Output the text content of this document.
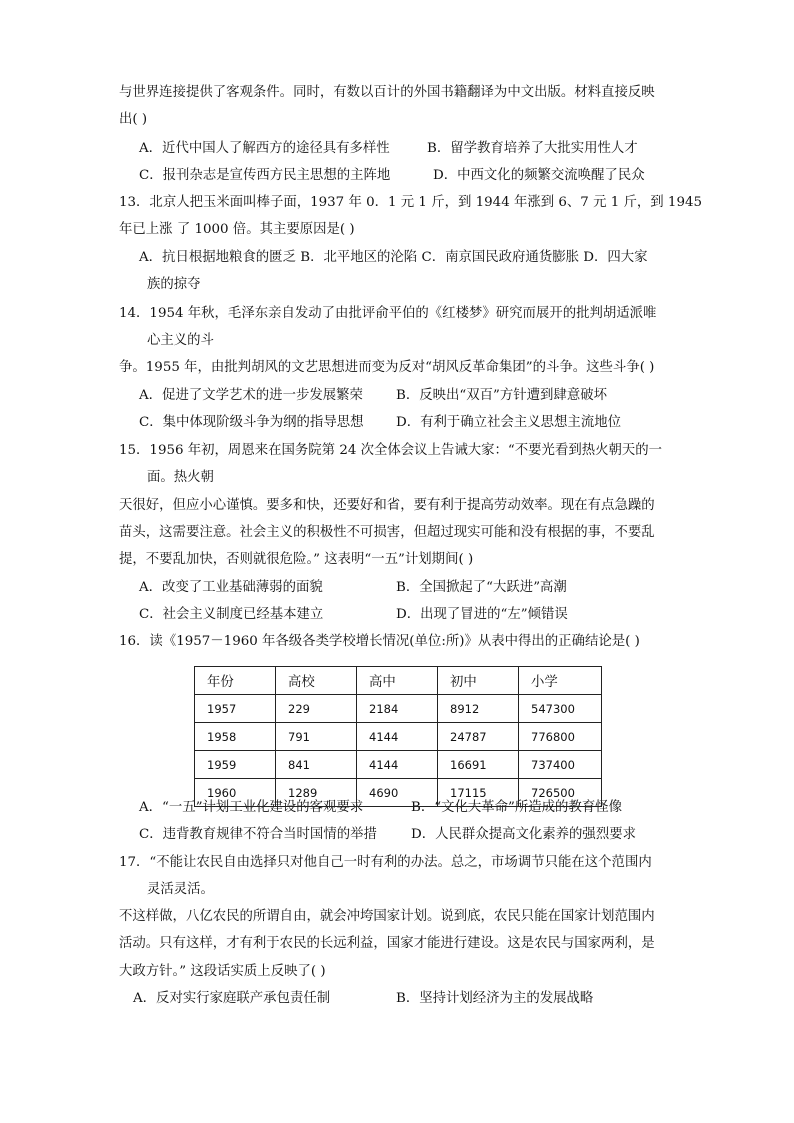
与世界连接提供了客观条件。同时，有数以百计的外国书籍翻译为中文出版。材料直接反映
出( )
A．近代中国人了解西方的途径具有多样性	B．留学教育培养了大批实用性人才
C．报刊杂志是宣传西方民主思想的主阵地	D．中西文化的频繁交流唤醒了民众
13．北京人把玉米面叫棒子面，1937 年 0．1 元 1 斤，到 1944 年涨到 6、7 元 1 斤，到 1945
年已上涨 了 1000 倍。其主要原因是( )
A．抗日根据地粮食的匮乏 B．北平地区的沦陷 C．南京国民政府通货膨胀 D．四大家
族的掠夺
14．1954 年秋，毛泽东亲自发动了由批评俞平伯的《红楼梦》研究而展开的批判胡适派唯
心主义的斗
争。1955 年，由批判胡风的文艺思想进而变为反对“胡风反革命集团”的斗争。这些斗争( )
A．促进了文学艺术的进一步发展繁荣 B．反映出“双百”方针遭到肆意破坏
C．集中体现阶级斗争为纲的指导思想 D．有利于确立社会主义思想主流地位
15．1956 年初，周恩来在国务院第 24 次全体会议上告诫大家：“不要光看到热火朝天的一
面。热火朝
天很好，但应小心谨慎。要多和快，还要好和省，要有利于提高劳动效率。现在有点急躁的
苗头，这需要注意。社会主义的积极性不可损害，但超过现实可能和没有根据的事，不要乱
提，不要乱加快，否则就很危险。” 这表明“一五”计划期间( )
A．改变了工业基础薄弱的面貌	B．全国掀起了“大跃进”高潮
C．社会主义制度已经基本建立	D．出现了冒进的“左”倾错误
16．读《1957－1960 年各级各类学校增长情况(单位:所)》从表中得出的正确结论是( )
A．“一五”计划工业化建设的客观要求	B．“文化大革命”所造成的教育怪像
C．违背教育规律不符合当时国情的举措	D．人民群众提高文化素养的强烈要求
17．“不能让农民自由选择只对他自己一时有利的办法。总之，市场调节只能在这个范围内
灵活灵活。
不这样做，八亿农民的所谓自由，就会冲垮国家计划。说到底，农民只能在国家计划范围内
活动。只有这样，才有利于农民的长远利益，国家才能进行建设。这是农民与国家两利，是
大政方针。” 这段话实质上反映了( )
A．反对实行家庭联产承包责任制	B．坚持计划经济为主的发展战略
年份	高校	高中	初中	小学
1957	229	2184	8912	547300
1958	791	4144	24787	776800
1959	841	4144	16691	737400
1960	1289	4690	17115	726500
